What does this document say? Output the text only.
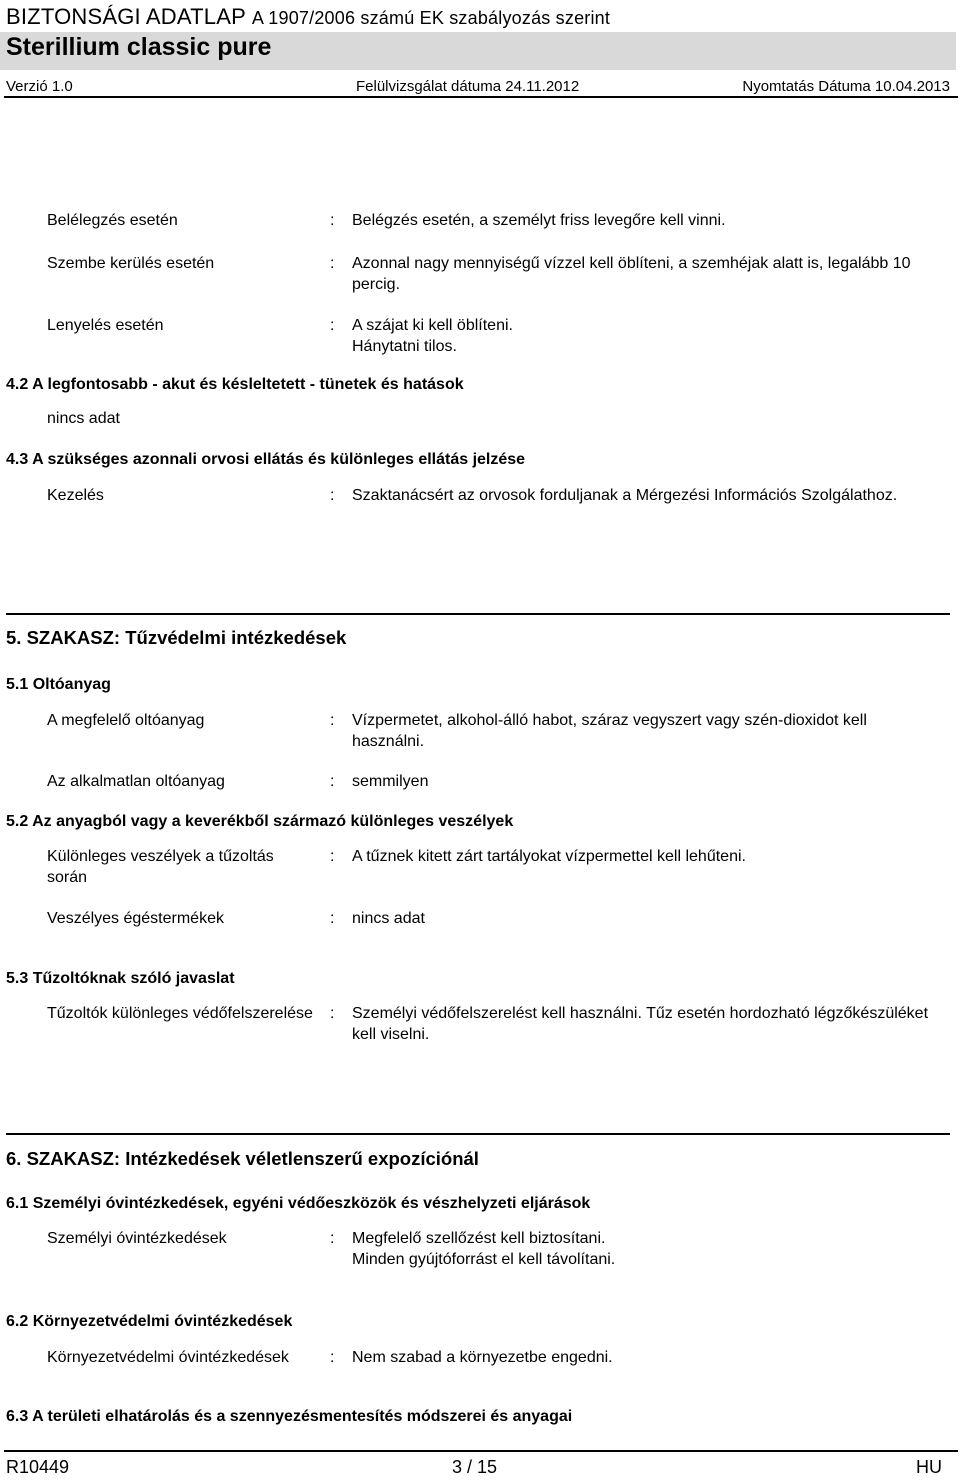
BIZTONSÁGI ADATLAP A 1907/2006 számú EK szabályozás szerint
Sterillium classic pure
Verzió 1.0	Felülvizsgálat dátuma 24.11.2012	Nyomtatás Dátuma 10.04.2013
Belélegzés esetén	: Belégzés esetén, a személyt friss levegőre kell vinni.
Szembe kerülés esetén	: Azonnal nagy mennyiségű vízzel kell öblíteni, a szemhéjak alatt is, legalább 10 percig.
Lenyelés esetén	: A szájat ki kell öblíteni.
Hánytatni tilos.
4.2 A legfontosabb - akut és késleltetett - tünetek és hatások
nincs adat
4.3 A szükséges azonnali orvosi ellátás és különleges ellátás jelzése
Kezelés	: Szaktanácsért az orvosok forduljanak a Mérgezési Információs Szolgálathoz.
5. SZAKASZ: Tűzvédelmi intézkedések
5.1 Oltóanyag
A megfelelő oltóanyag	: Vízpermetet, alkohol-álló habot, száraz vegyszert vagy szén-dioxidot kell használni.
Az alkalmatlan oltóanyag	: semmilyen
5.2 Az anyagból vagy a keverékből származó különleges veszélyek
Különleges veszélyek a tűzoltás során
: A tűznek kitett zárt tartályokat vízpermettel kell lehűteni.
Veszélyes égéstermékek	: nincs adat
5.3 Tűzoltóknak szóló javaslat
Tűzoltók különleges védőfelszerelése : Személyi védőfelszerelést kell használni. Tűz esetén hordozható légzőkészüléket kell viselni.
6. SZAKASZ: Intézkedések véletlenszerű expozíciónál
6.1 Személyi óvintézkedések, egyéni védőeszközök és vészhelyzeti eljárások
Személyi óvintézkedések	: Megfelelő szellőzést kell biztosítani.
Minden gyújtóforrást el kell távolítani.
6.2 Környezetvédelmi óvintézkedések
Környezetvédelmi óvintézkedések	: Nem szabad a környezetbe engedni.
6.3 A területi elhatárolás és a szennyezésmentesítés módszerei és anyagai
R10449	3 / 15	HU
